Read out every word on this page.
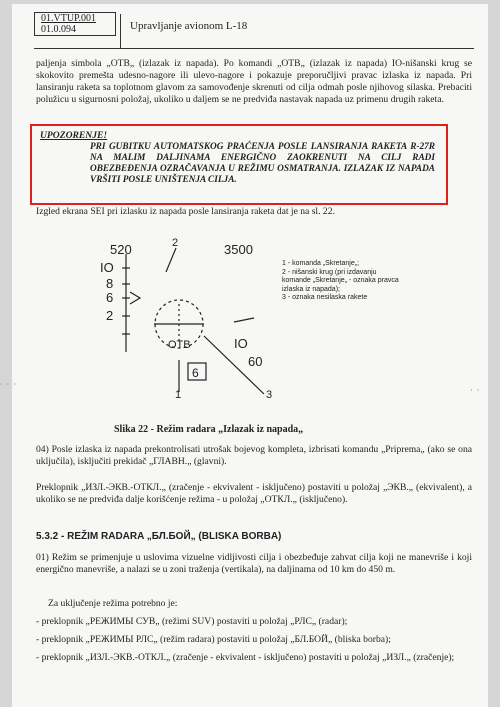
01.VTUP.001
01.0.094	Upravljanje avionom L-18
paljenja simbola „OTB„ (izlazak iz napada). Po komandi „OTB„ (izlazak iz napada) IO-nišanski krug se skokovito premešta udesno-nagore ili ulevo-nagore i pokazuje preporučljivi pravac izlaska iz napada. Pri lansiranju raketa sa toplotnom glavom za samovođenje skrenuti od cilja odmah posle njihovog silaska. Prebaciti polužicu u sigurnosni položaj, ukoliko u daljem se ne predviđa nastavak napada uz primenu drugih raketa.
UPOZORENJE!
PRI GUBITKU AUTOMATSKOG PRAĆENJA POSLE LANSIRANJA RAKETA R-27R NA MALIM DALJINAMA ENERGIČNO ZAOKRENUTI NA CILJ RADI OBEZBEĐENJA OZRAČAVANJA U REŽIMU OSMATRANJA. IZLAZAK IZ NAPADA VRŠITI POSLE UNIŠTENJA CILJA.
Izgled ekrana SEI pri izlasku iz napada posle lansiranja raketa dat je na sl. 22.
520	2	3500
IO
8
6
2
IO
60
OTB
6
1	3
1 - komanda „Skretanje„;
2 - nišanski krug (pri izdavanju komande „Skretanje„ - oznaka pravca izlaska iz napada);
3 - oznaka nesilaska rakete
Slika 22 - Režim radara „Izlazak iz napada„
04) Posle izlaska iz napada prekontrolisati utrošak bojevog kompleta, izbrisati komandu „Pripremа„ (ako se ona uključila), isključiti prekidač „ГЛАВН.„ (glavni).
Preklopnik „ИЗЛ.-ЭКВ.-ОТКЛ.„ (zračenje - ekvivalent - isključeno) postaviti u položaj „ЭКВ.„ (ekvivalent), a ukoliko se ne predviđa dalje korišćenje režima - u položaj „ОТКЛ.„ (isključeno).
5.3.2 - REŽIM RADARA „БЛ.БОЙ„ (BLISKA BORBA)
01) Režim se primenjuje u uslovima vizuelne vidljivosti cilja i obezbeđuje zahvat cilja koji ne manevriše i koji energično manevriše, a nalazi se u zoni traženja (vertikala), na daljinama od 10 km do 450 m.
Za uključenje režima potrebno je:
- preklopnik „РЕЖИМЫ СУВ„ (režimi SUV) postaviti u položaj „РЛС„ (radar);
- preklopnik „РЕЖИМЫ РЛС„ (režim radara) postaviti u položaj „БЛ.БОЙ„ (bliska borba);
- preklopnik „ИЗЛ.-ЭКВ.-ОТКЛ.„ (zračenje - ekvivalent - isključeno) postaviti u položaj „ИЗЛ.„ (zračenje);
· · ·
· ·
